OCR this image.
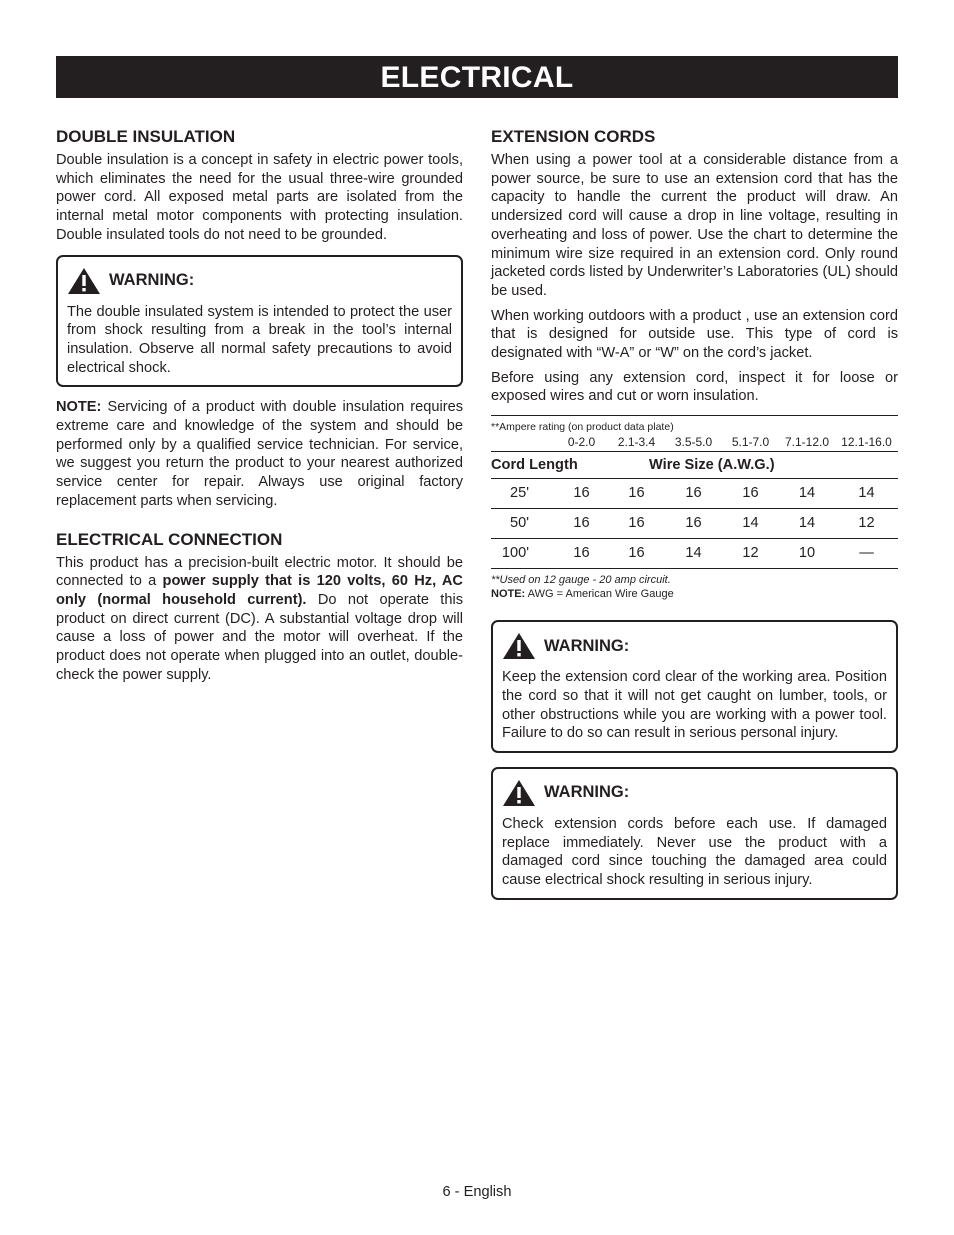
ELECTRICAL
DOUBLE INSULATION

Double insulation is a concept in safety in electric power tools, which eliminates the need for the usual three-wire grounded power cord. All exposed metal parts are isolated from the internal metal motor components with protecting insulation. Double insulated tools do not need to be grounded.

WARNING:

The double insulated system is intended to protect the user from shock resulting from a break in the tool’s internal insulation. Observe all normal safety precautions to avoid electrical shock.

NOTE: Servicing of a product with double insulation requires extreme care and knowledge of the system and should be performed only by a qualified service technician. For service, we suggest you return the product to your nearest authorized service center for repair. Always use original factory replacement parts when servicing.

ELECTRICAL CONNECTION

This product has a precision-built electric motor. It should be connected to a power supply that is 120 volts, 60 Hz, AC only (normal household current). Do not operate this product on direct current (DC). A substantial voltage drop will cause a loss of power and the motor will overheat. If the product does not operate when plugged into an outlet, double-check the power supply.

EXTENSION CORDS

When using a power tool at a considerable distance from a power source, be sure to use an extension cord that has the capacity to handle the current the product will draw. An undersized cord will cause a drop in line voltage, resulting in overheating and loss of power. Use the chart to determine the minimum wire size required in an extension cord. Only round jacketed cords listed by Underwriter’s Laboratories (UL) should be used.

When working outdoors with a product , use an extension cord that is designed for outside use. This type of cord is designated with “W-A” or “W” on the cord’s jacket.

Before using any extension cord, inspect it for loose or exposed wires and cut or worn insulation.

**Ampere rating (on product data plate)
0-2.0	2.1-3.4	3.5-5.0	5.1-7.0	7.1-12.0	12.1-16.0
Cord Length	Wire Size (A.W.G.)
25'	16	16	16	16	14	14
50'	16	16	16	14	14	12
100'	16	16	14	12	10	—
**Used on 12 gauge - 20 amp circuit.
NOTE: AWG = American Wire Gauge
WARNING:

Keep the extension cord clear of the working area. Position the cord so that it will not get caught on lumber, tools, or other obstructions while you are working with a power tool. Failure to do so can result in serious personal injury.

WARNING:

Check extension cords before each use. If damaged replace immediately. Never use the product with a damaged cord since touching the damaged area could cause electrical shock resulting in serious injury.

6 - English
